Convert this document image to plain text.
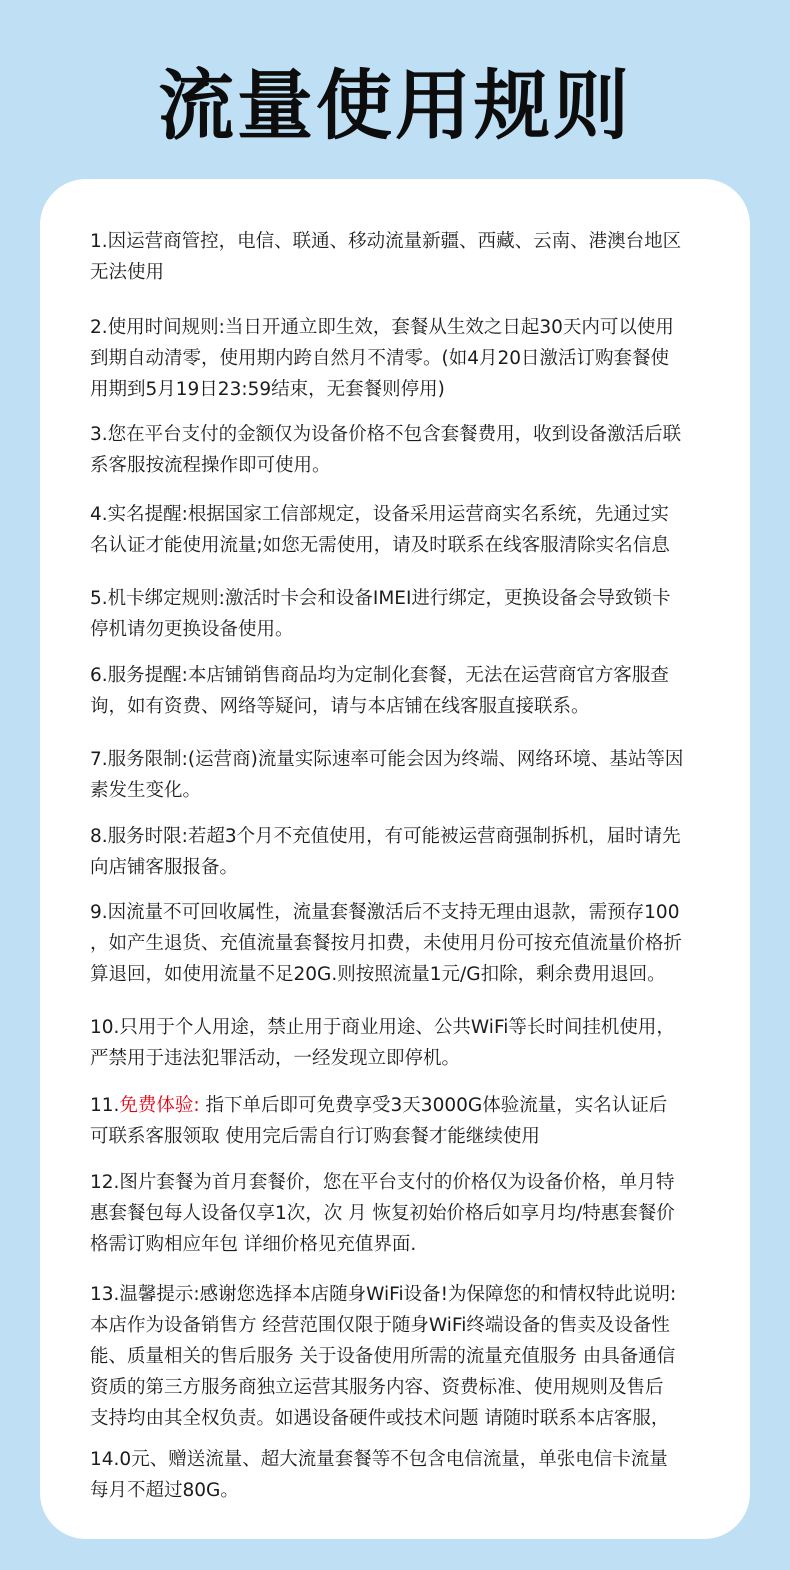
流量使用规则

1.因运营商管控，电信、联通、移动流量新疆、西藏、云南、港澳台地区
无法使用

2.使用时间规则:当日开通立即生效，套餐从生效之日起30天内可以使用
到期自动清零，使用期内跨自然月不清零。(如4月20日激活订购套餐使
用期到5月19日23:59结束，无套餐则停用)

3.您在平台支付的金额仅为设备价格不包含套餐费用，收到设备激活后联
系客服按流程操作即可使用。

4.实名提醒:根据国家工信部规定，设备采用运营商实名系统，先通过实
名认证才能使用流量;如您无需使用，请及时联系在线客服清除实名信息

5.机卡绑定规则:激活时卡会和设备IMEI进行绑定，更换设备会导致锁卡
停机请勿更换设备使用。

6.服务提醒:本店铺销售商品均为定制化套餐，无法在运营商官方客服查
询，如有资费、网络等疑问，请与本店铺在线客服直接联系。

7.服务限制:(运营商)流量实际速率可能会因为终端、网络环境、基站等因
素发生变化。

8.服务时限:若超3个月不充值使用，有可能被运营商强制拆机，届时请先
向店铺客服报备。

9.因流量不可回收属性，流量套餐激活后不支持无理由退款，需预存100
，如产生退货、充值流量套餐按月扣费，未使用月份可按充值流量价格折
算退回，如使用流量不足20G.则按照流量1元/G扣除，剩余费用退回。

10.只用于个人用途，禁止用于商业用途、公共WiFi等长时间挂机使用，
严禁用于违法犯罪活动，一经发现立即停机。

11.免费体验: 指下单后即可免费享受3天3000G体验流量，实名认证后
可联系客服领取 使用完后需自行订购套餐才能继续使用

12.图片套餐为首月套餐价，您在平台支付的价格仅为设备价格，单月特
惠套餐包每人设备仅享1次，次 月 恢复初始价格后如享月均/特惠套餐价
格需订购相应年包 详细价格见充值界面.

13.温馨提示:感谢您选择本店随身WiFi设备!为保障您的和情权特此说明:
本店作为设备销售方 经营范围仅限于随身WiFi终端设备的售卖及设备性
能、质量相关的售后服务 关于设备使用所需的流量充值服务 由具备通信
资质的第三方服务商独立运营其服务内容、资费标准、使用规则及售后
支持均由其全权负责。如遇设备硬件或技术问题 请随时联系本店客服，

14.0元、赠送流量、超大流量套餐等不包含电信流量，单张电信卡流量
每月不超过80G。
